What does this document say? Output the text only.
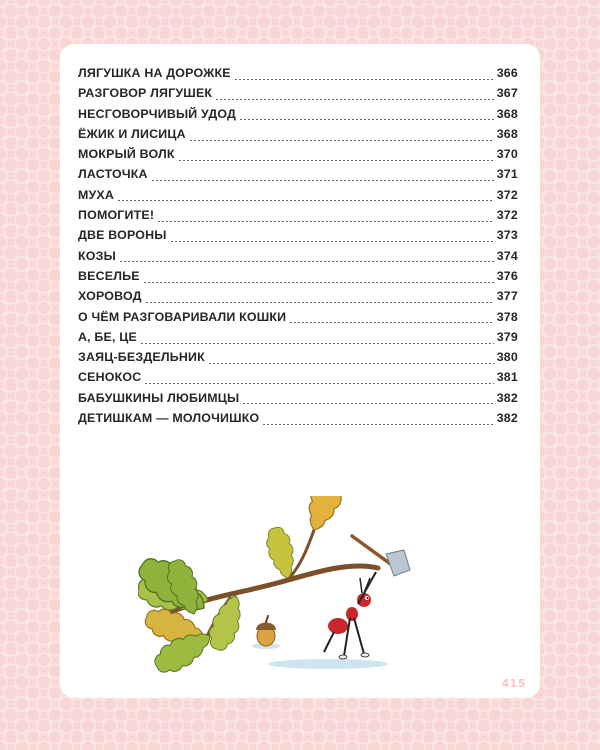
ЛЯГУШКА НА ДОРОЖКЕ	366
РАЗГОВОР ЛЯГУШЕК	367
НЕСГОВОРЧИВЫЙ УДОД	368
ЁЖИК И ЛИСИЦА	368
МОКРЫЙ ВОЛК	370
ЛАСТОЧКА	371
МУХА	372
ПОМОГИТЕ!	372
ДВЕ ВОРОНЫ	373
КОЗЫ	374
ВЕСЕЛЬЕ	376
ХОРОВОД	377
О ЧЁМ РАЗГОВАРИВАЛИ КОШКИ	378
А, БЕ, ЦЕ	379
ЗАЯЦ-БЕЗДЕЛЬНИК	380
СЕНОКОС	381
БАБУШКИНЫ ЛЮБИМЦЫ	382
ДЕТИШКАМ — МОЛОЧИШКО	382
415
